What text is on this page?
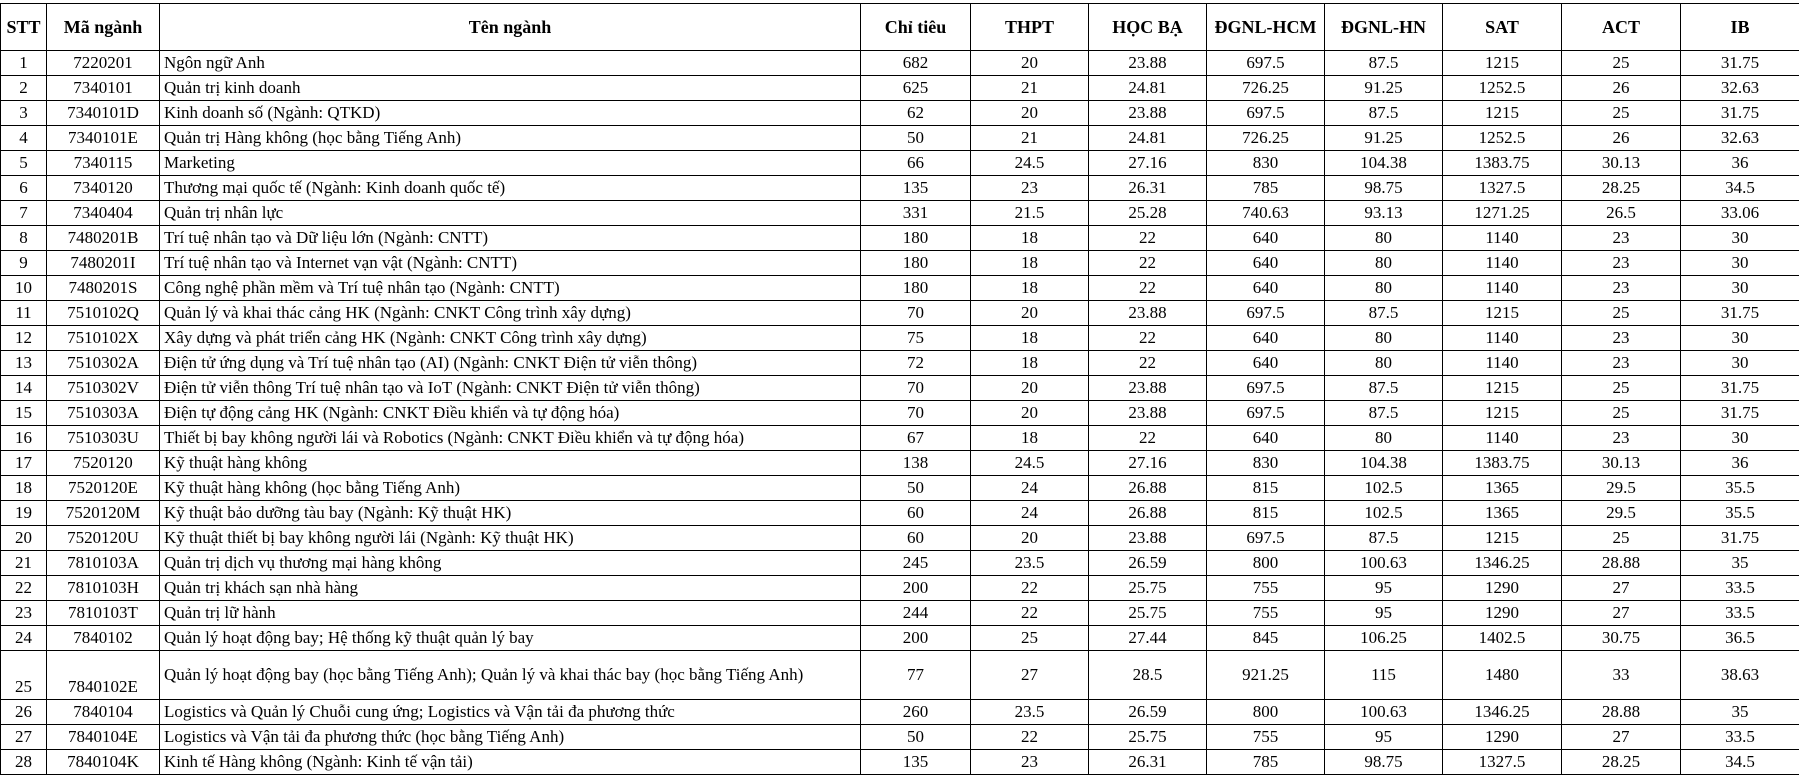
STT	Mã ngành	Tên ngành	Chỉ tiêu	THPT	HỌC BẠ	ĐGNL-HCM	ĐGNL-HN	SAT	ACT	IB
1	7220201	Ngôn ngữ Anh	682	20	23.88	697.5	87.5	1215	25	31.75
2	7340101	Quản trị kinh doanh	625	21	24.81	726.25	91.25	1252.5	26	32.63
3	7340101D	Kinh doanh số (Ngành: QTKD)	62	20	23.88	697.5	87.5	1215	25	31.75
4	7340101E	Quản trị Hàng không (học bằng Tiếng Anh)	50	21	24.81	726.25	91.25	1252.5	26	32.63
5	7340115	Marketing	66	24.5	27.16	830	104.38	1383.75	30.13	36
6	7340120	Thương mại quốc tế (Ngành: Kinh doanh quốc tế)	135	23	26.31	785	98.75	1327.5	28.25	34.5
7	7340404	Quản trị nhân lực	331	21.5	25.28	740.63	93.13	1271.25	26.5	33.06
8	7480201B	Trí tuệ nhân tạo và Dữ liệu lớn (Ngành: CNTT)	180	18	22	640	80	1140	23	30
9	7480201I	Trí tuệ nhân tạo và Internet vạn vật (Ngành: CNTT)	180	18	22	640	80	1140	23	30
10	7480201S	Công nghệ phần mềm và Trí tuệ nhân tạo (Ngành: CNTT)	180	18	22	640	80	1140	23	30
11	7510102Q	Quản lý và khai thác cảng HK (Ngành: CNKT Công trình xây dựng)	70	20	23.88	697.5	87.5	1215	25	31.75
12	7510102X	Xây dựng và phát triển cảng HK (Ngành: CNKT Công trình xây dựng)	75	18	22	640	80	1140	23	30
13	7510302A	Điện tử ứng dụng và Trí tuệ nhân tạo (AI) (Ngành: CNKT Điện tử viễn thông)	72	18	22	640	80	1140	23	30
14	7510302V	Điện tử viễn thông Trí tuệ nhân tạo và IoT (Ngành: CNKT Điện tử viễn thông)	70	20	23.88	697.5	87.5	1215	25	31.75
15	7510303A	Điện tự động cảng HK (Ngành: CNKT Điều khiển và tự động hóa)	70	20	23.88	697.5	87.5	1215	25	31.75
16	7510303U	Thiết bị bay không người lái và Robotics (Ngành: CNKT Điều khiển và tự động hóa)	67	18	22	640	80	1140	23	30
17	7520120	Kỹ thuật hàng không	138	24.5	27.16	830	104.38	1383.75	30.13	36
18	7520120E	Kỹ thuật hàng không (học bằng Tiếng Anh)	50	24	26.88	815	102.5	1365	29.5	35.5
19	7520120M	Kỹ thuật bảo dưỡng tàu bay (Ngành: Kỹ thuật HK)	60	24	26.88	815	102.5	1365	29.5	35.5
20	7520120U	Kỹ thuật thiết bị bay không người lái (Ngành: Kỹ thuật HK)	60	20	23.88	697.5	87.5	1215	25	31.75
21	7810103A	Quản trị dịch vụ thương mại hàng không	245	23.5	26.59	800	100.63	1346.25	28.88	35
22	7810103H	Quản trị khách sạn nhà hàng	200	22	25.75	755	95	1290	27	33.5
23	7810103T	Quản trị lữ hành	244	22	25.75	755	95	1290	27	33.5
24	7840102	Quản lý hoạt động bay; Hệ thống kỹ thuật quản lý bay	200	25	27.44	845	106.25	1402.5	30.75	36.5
25	7840102E	Quản lý hoạt động bay (học bằng Tiếng Anh); Quản lý và khai thác bay (học bằng Tiếng Anh)	77	27	28.5	921.25	115	1480	33	38.63
26	7840104	Logistics và Quản lý Chuỗi cung ứng; Logistics và Vận tải đa phương thức	260	23.5	26.59	800	100.63	1346.25	28.88	35
27	7840104E	Logistics và Vận tải đa phương thức (học bằng Tiếng Anh)	50	22	25.75	755	95	1290	27	33.5
28	7840104K	Kinh tế Hàng không (Ngành: Kinh tế vận tải)	135	23	26.31	785	98.75	1327.5	28.25	34.5
